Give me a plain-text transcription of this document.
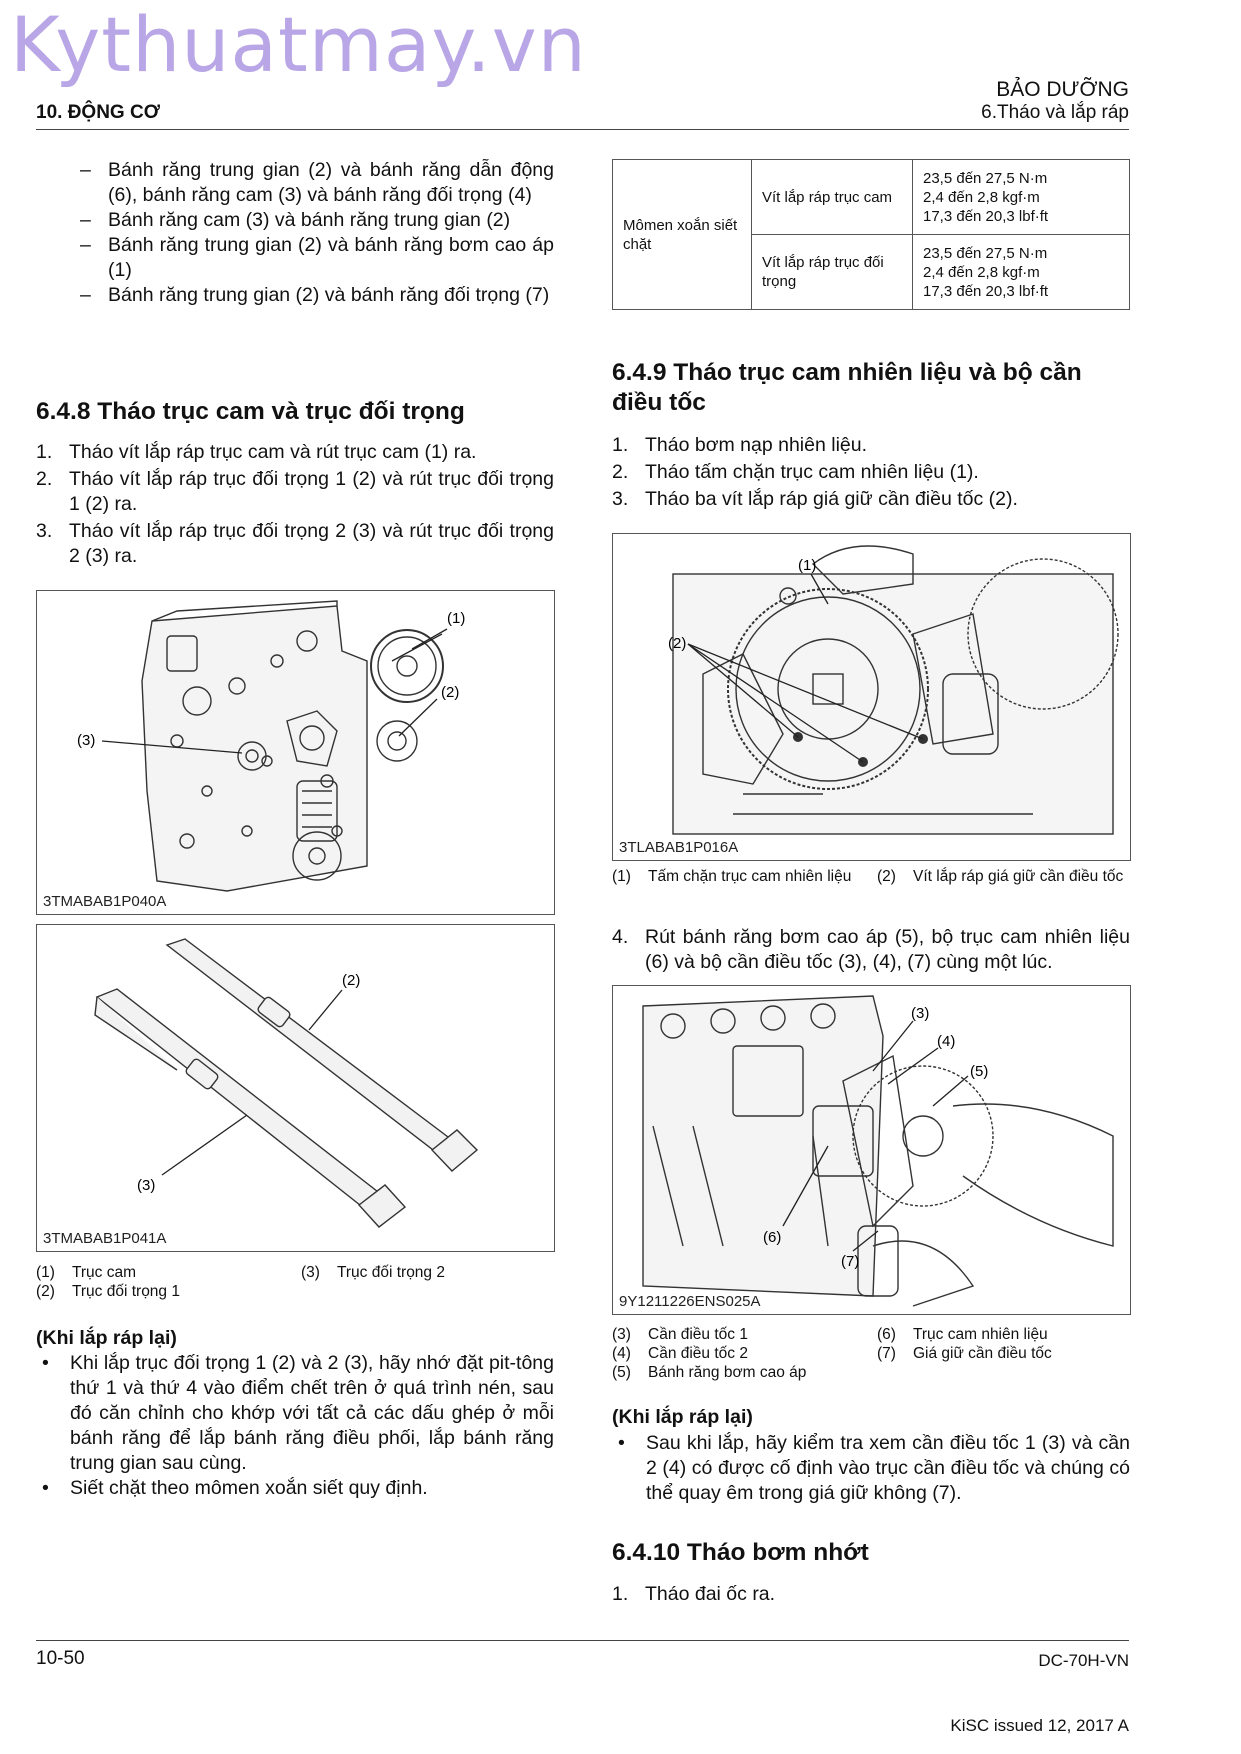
Kythuatmay.vn
10. ĐỘNG CƠ
BẢO DƯỠNG
6.Tháo và lắp ráp
– Bánh răng trung gian (2) và bánh răng dẫn động (6), bánh răng cam (3) và bánh răng đối trọng (4)
– Bánh răng cam (3) và bánh răng trung gian (2)
– Bánh răng trung gian (2) và bánh răng bơm cao áp (1)
– Bánh răng trung gian (2) và bánh răng đối trọng (7)
6.4.8 Tháo trục cam và trục đối trọng
1. Tháo vít lắp ráp trục cam và rút trục cam (1) ra.
2. Tháo vít lắp ráp trục đối trọng 1 (2) và rút trục đối trọng 1 (2) ra.
3. Tháo vít lắp ráp trục đối trọng 2 (3) và rút trục đối trọng 2 (3) ra.
(1)
(2)
(3)
3TMABAB1P040A
(2)
(3)
3TMABAB1P041A
(1)	Trục cam
(2)	Trục đối trọng 1
(3)	Trục đối trọng 2
(Khi lắp ráp lại)
•	Khi lắp trục đối trọng 1 (2) và 2 (3), hãy nhớ đặt pit-tông thứ 1 và thứ 4 vào điểm chết trên ở quá trình nén, sau đó căn chỉnh cho khớp với tất cả các dấu ghép ở mỗi bánh răng để lắp bánh răng điều phối, lắp bánh răng trung gian sau cùng.
•	Siết chặt theo mômen xoắn siết quy định.
Mômen xoắn siết chặt	Vít lắp ráp trục cam	23,5 đến 27,5 N·m
2,4 đến 2,8 kgf·m
17,3 đến 20,3 lbf·ft

	Vít lắp ráp trục đối trọng	23,5 đến 27,5 N·m
2,4 đến 2,8 kgf·m
17,3 đến 20,3 lbf·ft
6.4.9 Tháo trục cam nhiên liệu và bộ cần điều tốc
1. Tháo bơm nạp nhiên liệu.
2. Tháo tấm chặn trục cam nhiên liệu (1).
3. Tháo ba vít lắp ráp giá giữ cần điều tốc (2).
(1)
(2)
3TLABAB1P016A
(1)	Tấm chặn trục cam nhiên liệu (2)	Vít lắp ráp giá giữ cần điều tốc
4. Rút bánh răng bơm cao áp (5), bộ trục cam nhiên liệu (6) và bộ cần điều tốc (3), (4), (7) cùng một lúc.
(3)
(4)
(5)
(6)
(7)
9Y1211226ENS025A
(3)	Cần điều tốc 1
(4)	Cần điều tốc 2
(5)	Bánh răng bơm cao áp
(6)	Trục cam nhiên liệu
(7)	Giá giữ cần điều tốc
(Khi lắp ráp lại)
•	Sau khi lắp, hãy kiểm tra xem cần điều tốc 1 (3) và cần 2 (4) có được cố định vào trục cần điều tốc và chúng có thể quay êm trong giá giữ không (7).
6.4.10 Tháo bơm nhớt
1. Tháo đai ốc ra.
10-50	DC-70H-VN
KiSC issued 12, 2017 A
